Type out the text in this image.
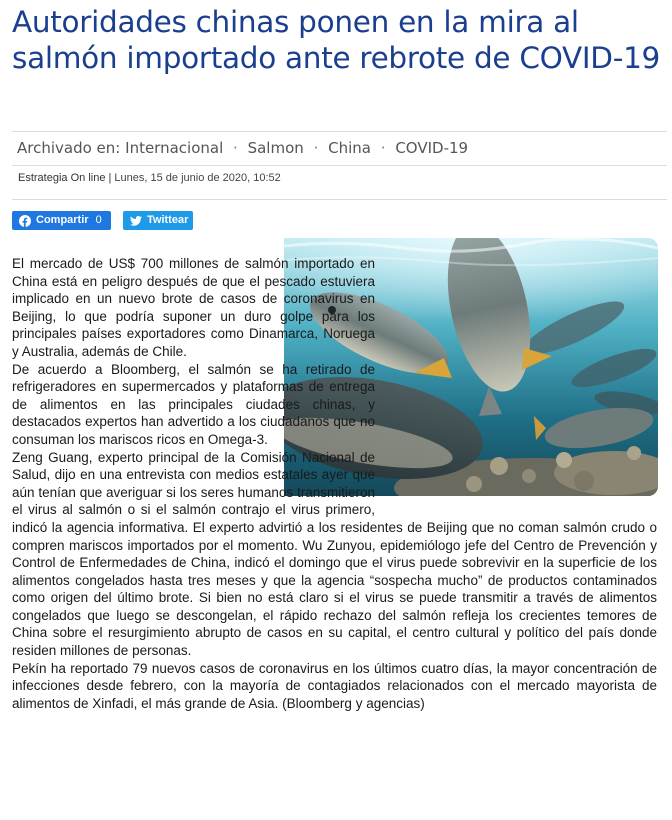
Autoridades chinas ponen en la mira al salmón importado ante rebrote de COVID-19
Archivado en: Internacional · Salmon · China · COVID-19
Estrategia On line | Lunes, 15 de junio de 2020, 10:52
Compartir 0	Twittear

El mercado de US$ 700 millones de salmón importado en China está en peligro después de que el pescado estuviera implicado en un nuevo brote de casos de coronavirus en Beijing, lo que podría suponer un duro golpe para los principales países exportadores como Dinamarca, Noruega y Australia, además de Chile.

De acuerdo a Bloomberg, el salmón se ha retirado de refrigeradores en supermercados y plataformas de entrega de alimentos en las principales ciudades chinas, y destacados expertos han advertido a los ciudadanos que no consuman los mariscos ricos en Omega-3.

Zeng Guang, experto principal de la Comisión Nacional de Salud, dijo en una entrevista con medios estatales ayer que aún tenían que averiguar si los seres humanos transmitieron el virus al salmón o si el salmón contrajo el virus primero, indicó la agencia informativa. El experto advirtió a los residentes de Beijing que no coman salmón crudo o compren mariscos importados por el momento. Wu Zunyou, epidemiólogo jefe del Centro de Prevención y Control de Enfermedades de China, indicó el domingo que el virus puede sobrevivir en la superficie de los alimentos congelados hasta tres meses y que la agencia “sospecha mucho” de productos contaminados como origen del último brote. Si bien no está claro si el virus se puede transmitir a través de alimentos congelados que luego se descongelan, el rápido rechazo del salmón refleja los crecientes temores de China sobre el resurgimiento abrupto de casos en su capital, el centro cultural y político del país donde residen millones de personas.

Pekín ha reportado 79 nuevos casos de coronavirus en los últimos cuatro días, la mayor concentración de infecciones desde febrero, con la mayoría de contagiados relacionados con el mercado mayorista de alimentos de Xinfadi, el más grande de Asia. (Bloomberg y agencias)
